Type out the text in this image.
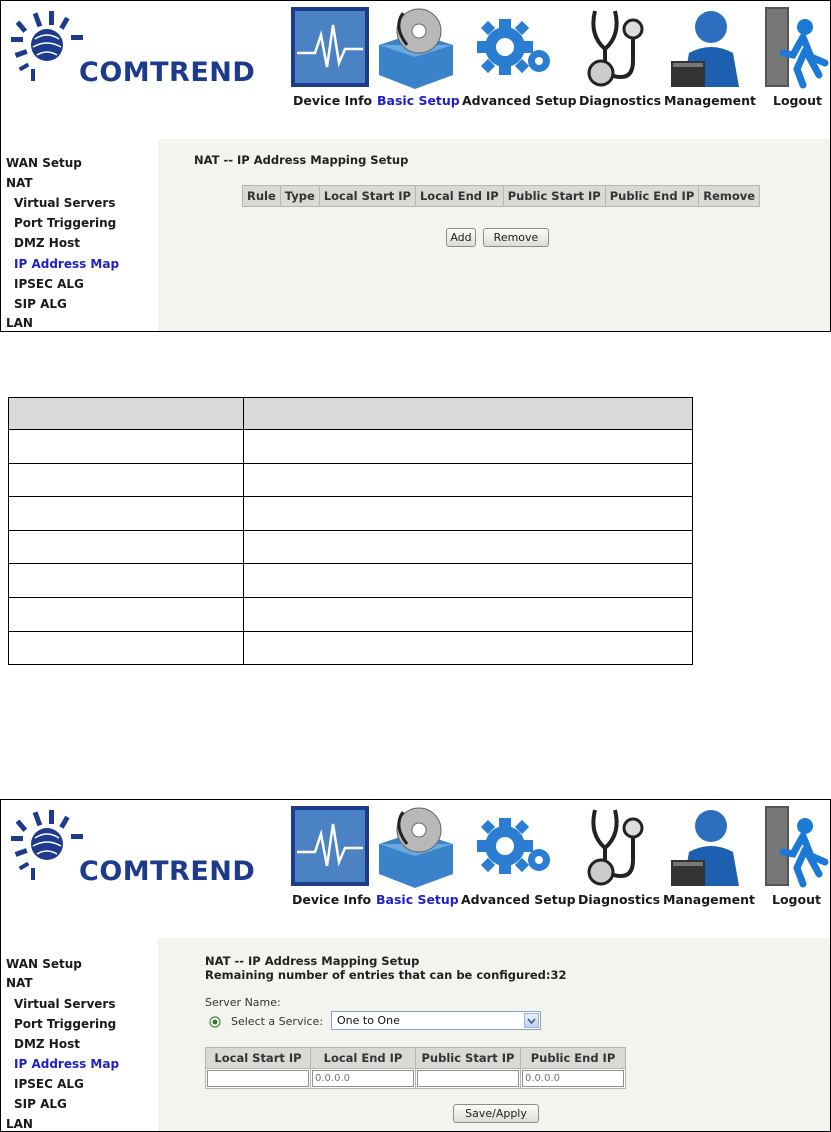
COMTREND
Device Info Basic Setup Advanced Setup Diagnostics Management Logout
WAN Setup
NAT
Virtual Servers
Port Triggering
DMZ Host
IP Address Map
IPSEC ALG
SIP ALG
LAN
NAT -- IP Address Mapping Setup
Rule	Type	Local Start IP	Local End IP	Public Start IP	Public End IP	Remove
Add	Remove

COMTREND
Device Info Basic Setup Advanced Setup Diagnostics Management Logout
WAN Setup
NAT
Virtual Servers
Port Triggering
DMZ Host
IP Address Map
IPSEC ALG
SIP ALG
LAN
NAT -- IP Address Mapping Setup
Remaining number of entries that can be configured:32
Server Name:
Select a Service: One to One
Local Start IP	Local End IP	Public Start IP	Public End IP
	0.0.0.0		0.0.0.0
Save/Apply
